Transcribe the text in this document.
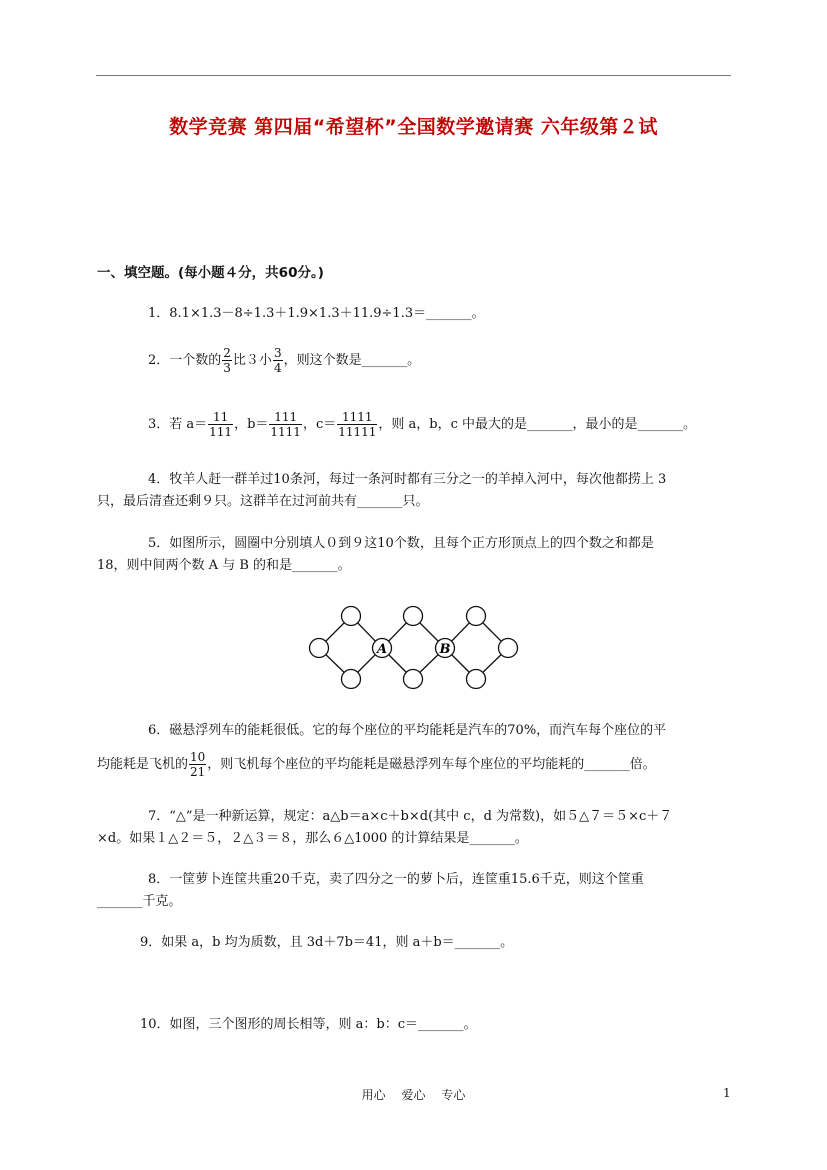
数学竞赛 第四届“希望杯”全国数学邀请赛 六年级第２试
一、填空题。(每小题４分，共60分。)
1．8.1×1.3－8÷1.3＋1.9×1.3＋11.9÷1.3＝_______。
2．一个数的 $\frac{2}{3}$ 比３小 $\frac{3}{4}$ ，则这个数是_______。
3．若 $a= \frac{11}{111}$ ，$b= \frac{111}{1111}$ ，$c= \frac{1111}{11111}$ ，则 a，b，c 中最大的是_______，最小的是_______。
4．牧羊人赶一群羊过10条河，每过一条河时都有三分之一的羊掉入河中，每次他都捞上 3
只，最后清查还剩９只。这群羊在过河前共有_______只。
5．如图所示，圆圈中分别填人０到９这10个数，且每个正方形顶点上的四个数之和都是
18，则中间两个数 A 与 B 的和是_______。
A	B
6．磁悬浮列车的能耗很低。它的每个座位的平均能耗是汽车的70%，而汽车每个座位的平
均能耗是飞机的 $\frac{10}{21}$ ，则飞机每个座位的平均能耗是磁悬浮列车每个座位的平均能耗的_______倍。
7．“△”是一种新运算，规定：a△b＝a×c＋b×d(其中 c，d 为常数)，如５△７＝５×c＋７
×d。如果１△２＝５，２△３＝８，那么６△1000 的计算结果是_______。
8．一筐萝卜连筐共重20千克，卖了四分之一的萝卜后，连筐重15.6千克，则这个筐重
_______千克。
9．如果 a，b 均为质数，且 3d＋7b＝41，则 a＋b＝_______。
10．如图，三个图形的周长相等，则 a：b：c＝_______。
用心 爱心 专心	1
